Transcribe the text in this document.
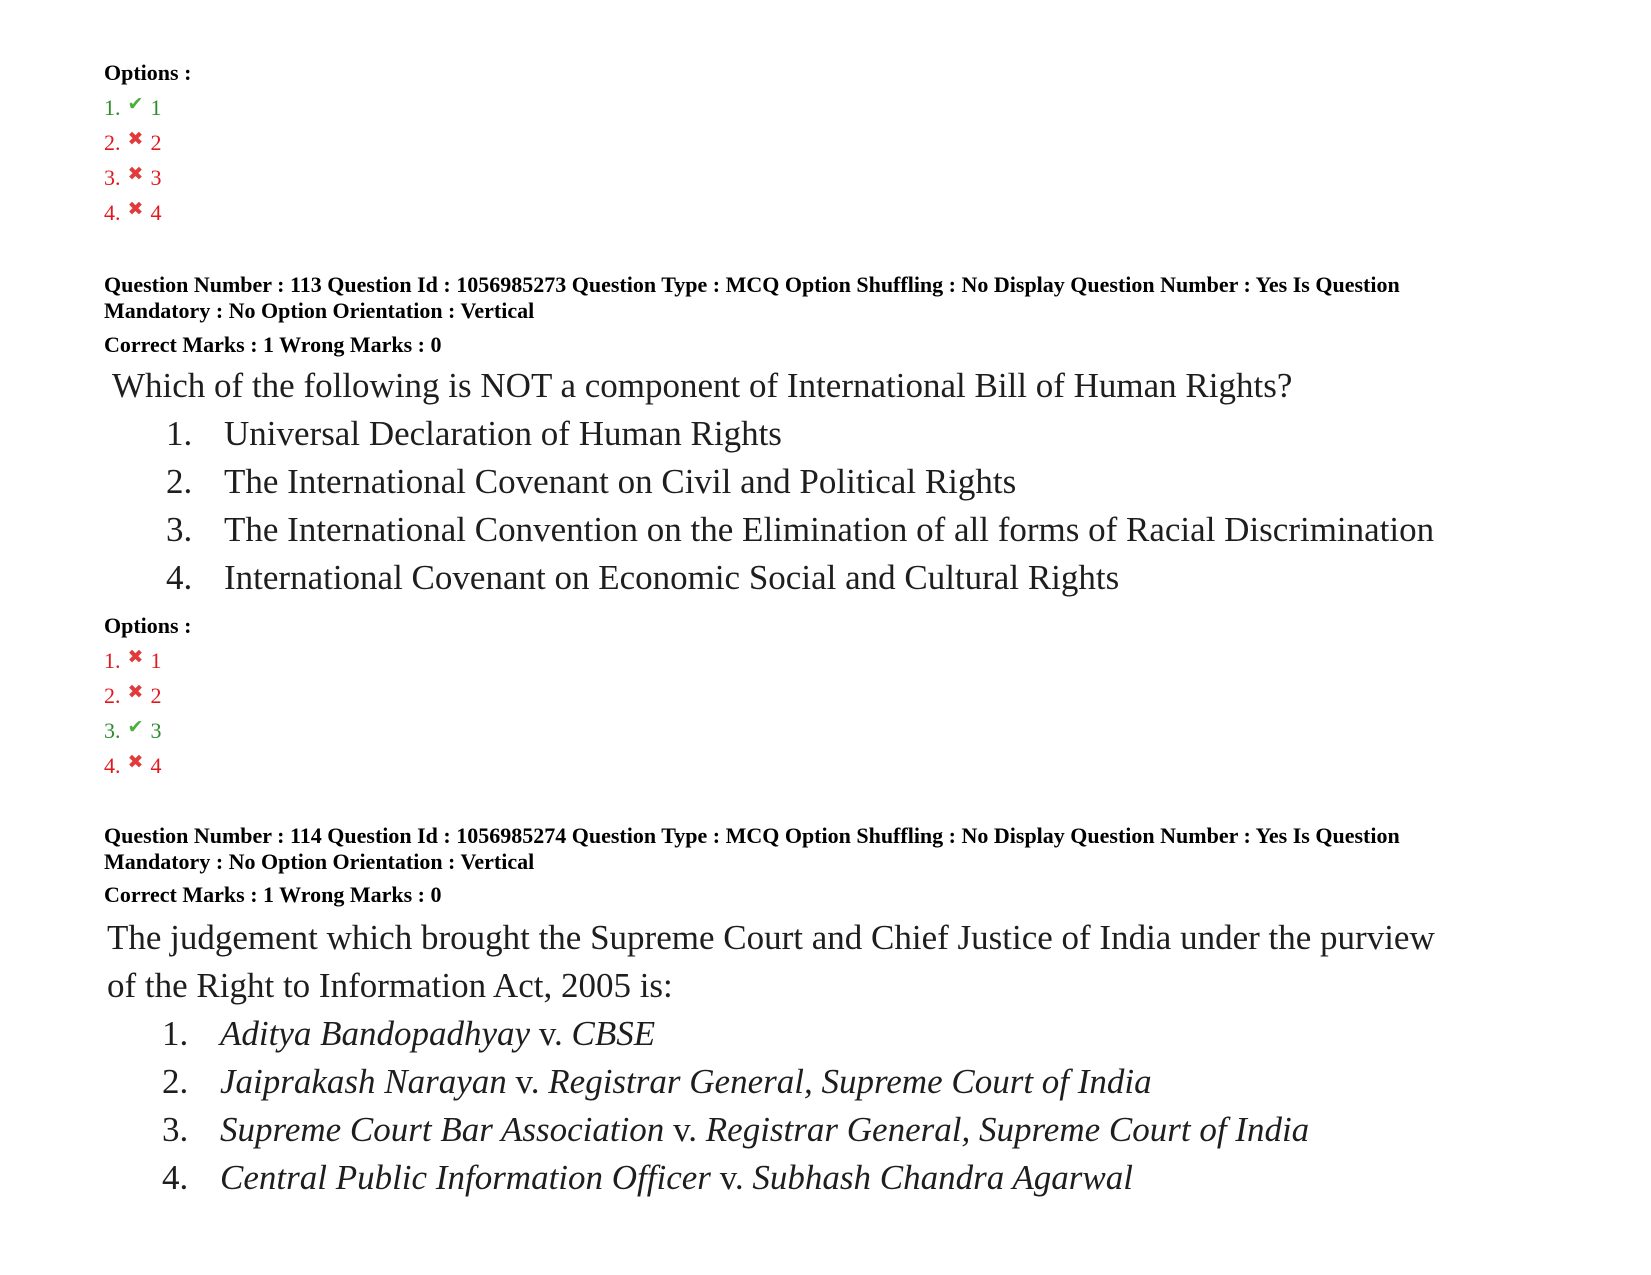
Options :
1. ✔ 1
2. ✖ 2
3. ✖ 3
4. ✖ 4
Question Number : 113 Question Id : 1056985273 Question Type : MCQ Option Shuffling : No Display Question Number : Yes Is Question
Mandatory : No Option Orientation : Vertical
Correct Marks : 1 Wrong Marks : 0
Which of the following is NOT a component of International Bill of Human Rights?
1. Universal Declaration of Human Rights
2. The International Covenant on Civil and Political Rights
3. The International Convention on the Elimination of all forms of Racial Discrimination
4. International Covenant on Economic Social and Cultural Rights
Options :
1. ✖ 1
2. ✖ 2
3. ✔ 3
4. ✖ 4
Question Number : 114 Question Id : 1056985274 Question Type : MCQ Option Shuffling : No Display Question Number : Yes Is Question
Mandatory : No Option Orientation : Vertical
Correct Marks : 1 Wrong Marks : 0
The judgement which brought the Supreme Court and Chief Justice of India under the purview
of the Right to Information Act, 2005 is:
1. Aditya Bandopadhyay v. CBSE
2. Jaiprakash Narayan v. Registrar General, Supreme Court of India
3. Supreme Court Bar Association v. Registrar General, Supreme Court of India
4. Central Public Information Officer v. Subhash Chandra Agarwal
